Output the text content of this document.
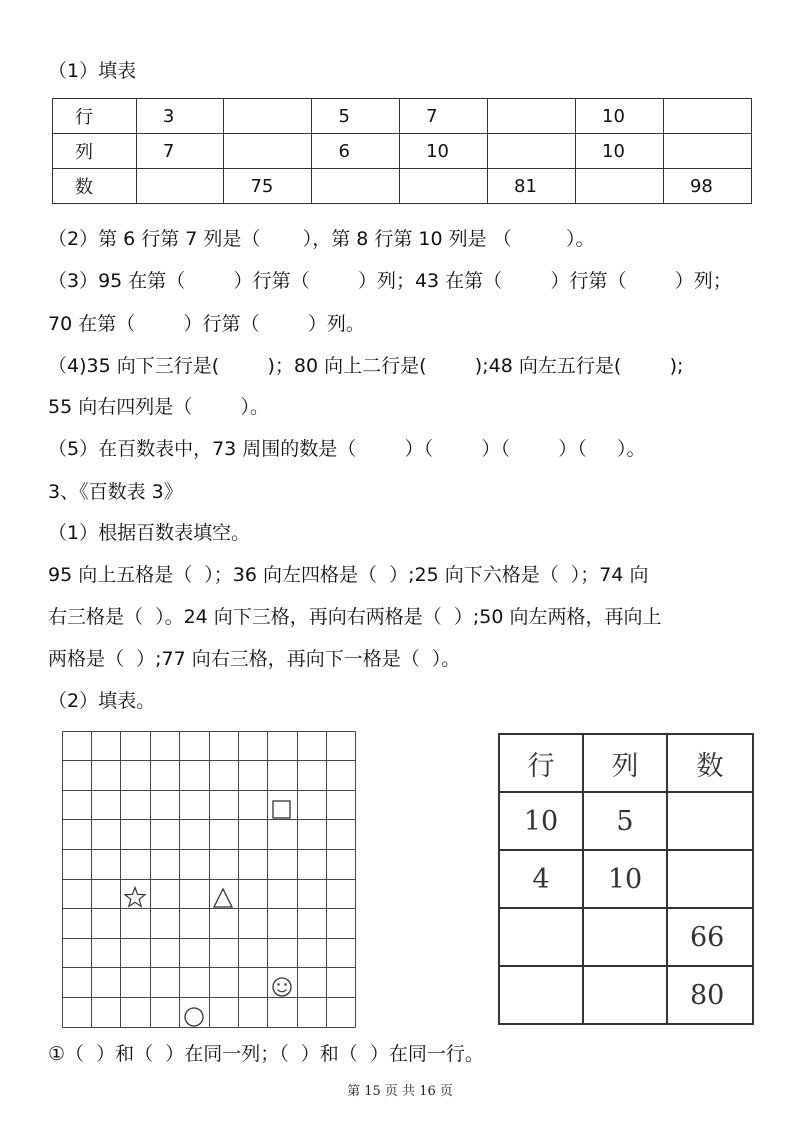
（1）填表
行	3		5	7		10	
列	7		6	10		10	
数		75			81		98
（2）第 6 行第 7 列是（       ），第 8 行第 10 列是 （         ）。
（3）95 在第（        ）行第（        ）列；43 在第（        ）行第（        ）列；
70 在第（        ）行第（        ）列。
（4)35 向下三行是(        )；80 向上二行是(        );48 向左五行是(        );
55 向右四列是（        ）。
（5）在百数表中，73 周围的数是（        ）（        ）（        ）（     ）。
3、《百数表 3》
（1）根据百数表填空。
95 向上五格是（  ）；36 向左四格是（  ）;25 向下六格是（  ）；74 向
右三格是（  ）。24 向下三格，再向右两格是（  ）;50 向左两格，再向上
两格是（  ）;77 向右三格，再向下一格是（  ）。
（2）填表。
行	列	数
10	5	
4	10	
		66
		80
①（  ）和（  ）在同一列；（  ）和（  ）在同一行。
第 15 页 共 16 页
